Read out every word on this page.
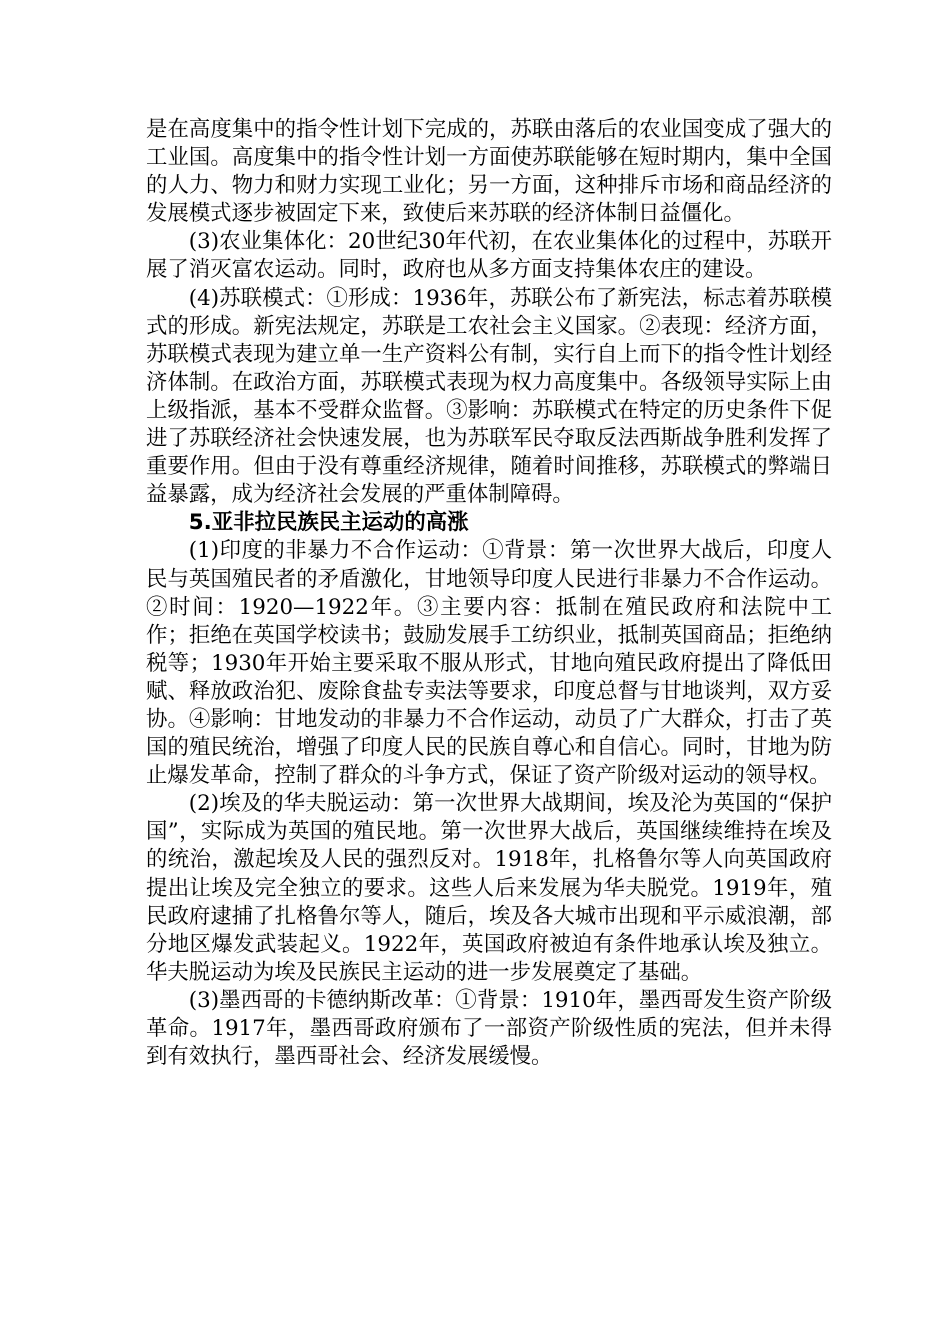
是在高度集中的指令性计划下完成的，苏联由落后的农业国变成了强大的工业国。高度集中的指令性计划一方面使苏联能够在短时期内，集中全国的人力、物力和财力实现工业化；另一方面，这种排斥市场和商品经济的发展模式逐步被固定下来，致使后来苏联的经济体制日益僵化。

(3)农业集体化：20世纪30年代初，在农业集体化的过程中，苏联开展了消灭富农运动。同时，政府也从多方面支持集体农庄的建设。

(4)苏联模式：①形成：1936年，苏联公布了新宪法，标志着苏联模式的形成。新宪法规定，苏联是工农社会主义国家。②表现：经济方面，苏联模式表现为建立单一生产资料公有制，实行自上而下的指令性计划经济体制。在政治方面，苏联模式表现为权力高度集中。各级领导实际上由上级指派，基本不受群众监督。③影响：苏联模式在特定的历史条件下促进了苏联经济社会快速发展，也为苏联军民夺取反法西斯战争胜利发挥了重要作用。但由于没有尊重经济规律，随着时间推移，苏联模式的弊端日益暴露，成为经济社会发展的严重体制障碍。

5.亚非拉民族民主运动的高涨

(1)印度的非暴力不合作运动：①背景：第一次世界大战后，印度人民与英国殖民者的矛盾激化，甘地领导印度人民进行非暴力不合作运动。②时间：1920—1922年。③主要内容：抵制在殖民政府和法院中工作；拒绝在英国学校读书；鼓励发展手工纺织业，抵制英国商品；拒绝纳税等；1930年开始主要采取不服从形式，甘地向殖民政府提出了降低田赋、释放政治犯、废除食盐专卖法等要求，印度总督与甘地谈判，双方妥协。④影响：甘地发动的非暴力不合作运动，动员了广大群众，打击了英国的殖民统治，增强了印度人民的民族自尊心和自信心。同时，甘地为防止爆发革命，控制了群众的斗争方式，保证了资产阶级对运动的领导权。

(2)埃及的华夫脱运动：第一次世界大战期间，埃及沦为英国的“保护国”，实际成为英国的殖民地。第一次世界大战后，英国继续维持在埃及的统治，激起埃及人民的强烈反对。1918年，扎格鲁尔等人向英国政府提出让埃及完全独立的要求。这些人后来发展为华夫脱党。1919年，殖民政府逮捕了扎格鲁尔等人，随后，埃及各大城市出现和平示威浪潮，部分地区爆发武装起义。1922年，英国政府被迫有条件地承认埃及独立。华夫脱运动为埃及民族民主运动的进一步发展奠定了基础。

(3)墨西哥的卡德纳斯改革：①背景：1910年，墨西哥发生资产阶级革命。1917年，墨西哥政府颁布了一部资产阶级性质的宪法，但并未得到有效执行，墨西哥社会、经济发展缓慢。
